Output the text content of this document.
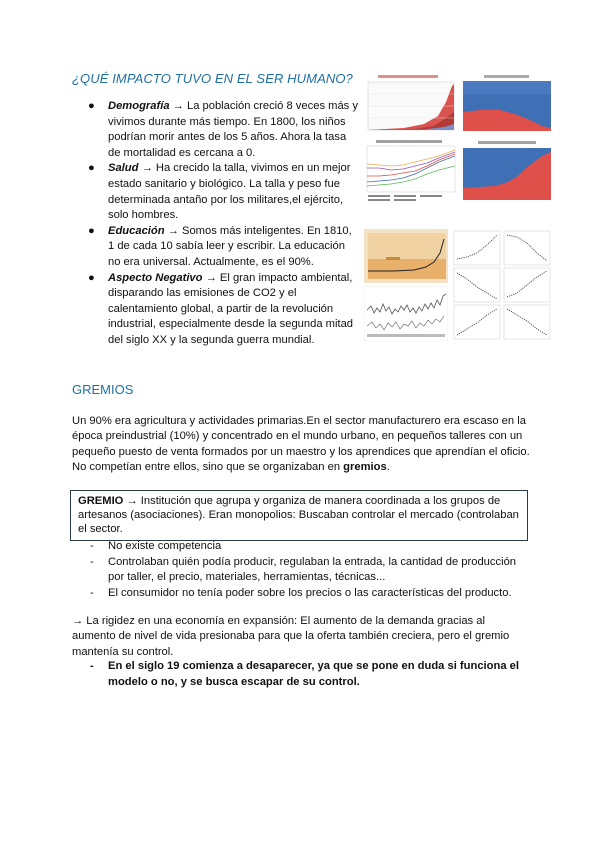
¿QUÉ IMPACTO TUVO EN EL SER HUMANO?
● Demografía → La población creció 8 veces más y vivimos durante más tiempo. En 1800, los niños podrían morir antes de los 5 años. Ahora la tasa de mortalidad es cercana a 0.
● Salud → Ha crecido la talla, vivimos en un mejor estado sanitario y biológico. La talla y peso fue determinada antaño por los militares,el ejército, solo hombres.
● Educación → Somos más inteligentes. En 1810, 1 de cada 10 sabía leer y escribir. La educación no era universal. Actualmente, es el 90%.
● Aspecto Negativo → El gran impacto ambiental, disparando las emisiones de CO2 y el calentamiento global, a partir de la revolución industrial, especialmente desde la segunda mitad del siglo XX y la segunda guerra mundial.
GREMIOS
Un 90% era agricultura y actividades primarias.En el sector manufacturero era escaso en la época preindustrial (10%) y concentrado en el mundo urbano, en pequeños talleres con un pequeño puesto de venta formados por un maestro y los aprendices que aprendían el oficio. No competían entre ellos, sino que se organizaban en gremios.
GREMIO → Institución que agrupa y organiza de manera coordinada a los grupos de artesanos (asociaciones). Eran monopolios: Buscaban controlar el mercado (controlaban el sector.
- No existe competencia
- Controlaban quién podía producir, regulaban la entrada, la cantidad de producción por taller, el precio, materiales, herramientas, técnicas...
- El consumidor no tenía poder sobre los precios o las características del producto.
→ La rigidez en una economía en expansión: El aumento de la demanda gracias al aumento de nivel de vida presionaba para que la oferta también creciera, pero el gremio mantenía su control.
- En el siglo 19 comienza a desaparecer, ya que se pone en duda si funciona el modelo o no, y se busca escapar de su control.
